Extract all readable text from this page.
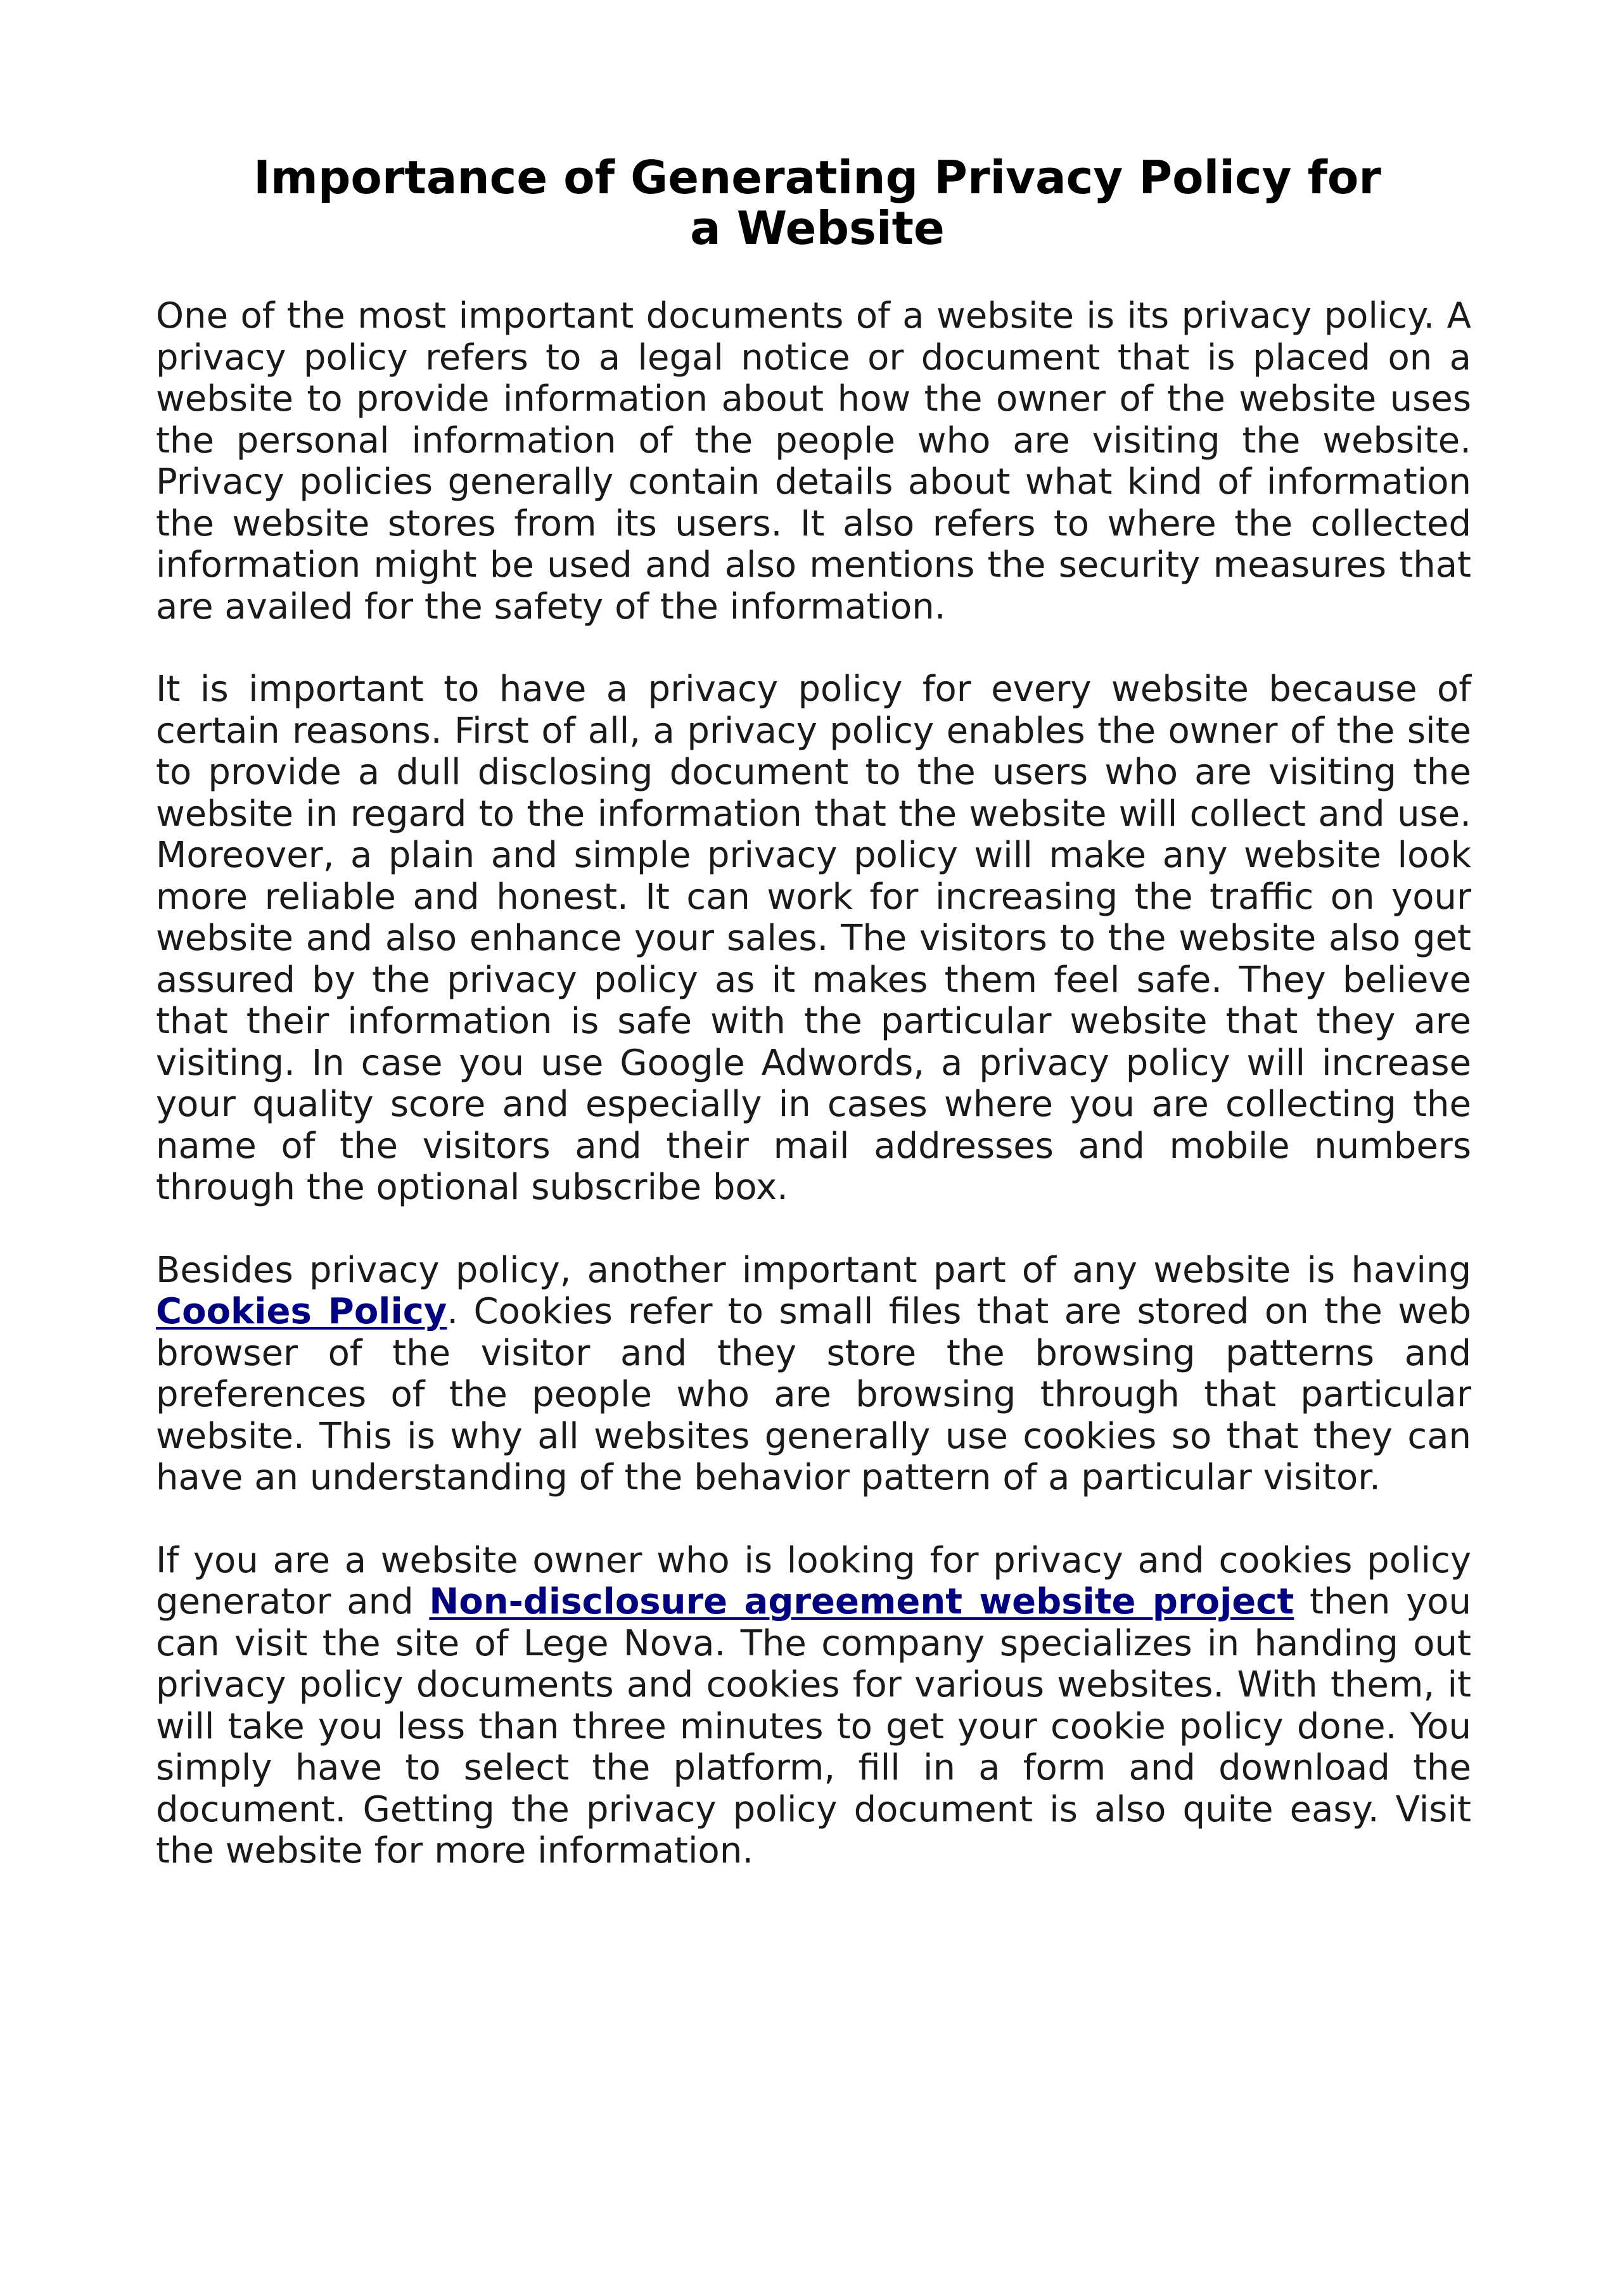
Importance of Generating Privacy Policy for a Website

One of the most important documents of a website is its privacy policy. A privacy policy refers to a legal notice or document that is placed on a website to provide information about how the owner of the website uses the personal information of the people who are visiting the website. Privacy policies generally contain details about what kind of information the website stores from its users. It also refers to where the collected information might be used and also mentions the security measures that are availed for the safety of the information.

It is important to have a privacy policy for every website because of certain reasons. First of all, a privacy policy enables the owner of the site to provide a dull disclosing document to the users who are visiting the website in regard to the information that the website will collect and use. Moreover, a plain and simple privacy policy will make any website look more reliable and honest. It can work for increasing the traffic on your website and also enhance your sales. The visitors to the website also get assured by the privacy policy as it makes them feel safe. They believe that their information is safe with the particular website that they are visiting. In case you use Google Adwords, a privacy policy will increase your quality score and especially in cases where you are collecting the name of the visitors and their mail addresses and mobile numbers through the optional subscribe box.

Besides privacy policy, another important part of any website is having Cookies Policy. Cookies refer to small files that are stored on the web browser of the visitor and they store the browsing patterns and preferences of the people who are browsing through that particular website. This is why all websites generally use cookies so that they can have an understanding of the behavior pattern of a particular visitor.

If you are a website owner who is looking for privacy and cookies policy generator and Non-disclosure agreement website project then you can visit the site of Lege Nova. The company specializes in handing out privacy policy documents and cookies for various websites. With them, it will take you less than three minutes to get your cookie policy done. You simply have to select the platform, fill in a form and download the document. Getting the privacy policy document is also quite easy. Visit the website for more information.
